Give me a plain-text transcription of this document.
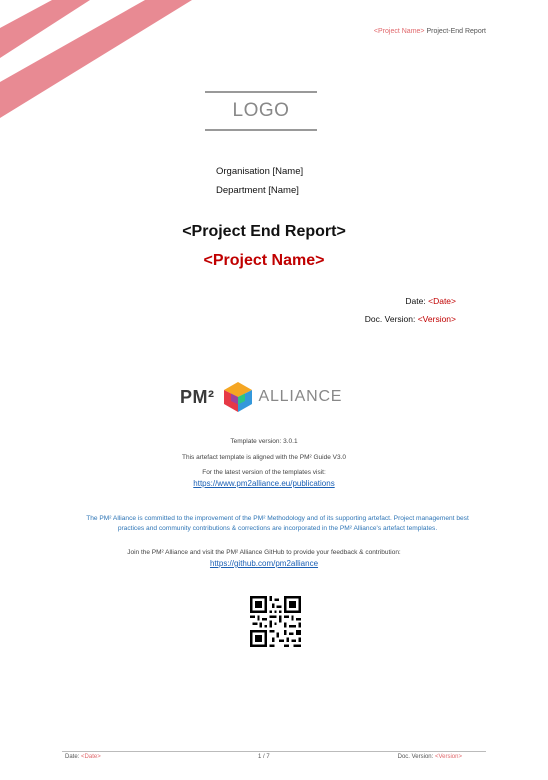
<Project Name> Project-End Report
LOGO
Organisation [Name]
Department [Name]
<Project End Report>
<Project Name>
Date: <Date>
Doc. Version: <Version>
PM²	ALLIANCE
Template version: 3.0.1
This artefact template is aligned with the PM² Guide V3.0
For the latest version of the templates visit:
https://www.pm2alliance.eu/publications
The PM² Alliance is committed to the improvement of the PM² Methodology and of its supporting artefact. Project management best practices and community contributions & corrections are incorporated in the PM² Alliance's artefact templates.
Join the PM² Alliance and visit the PM² Alliance GitHub to provide your feedback & contribution:
https://github.com/pm2alliance
Date: <Date>	1 / 7	Doc. Version: <Version>
